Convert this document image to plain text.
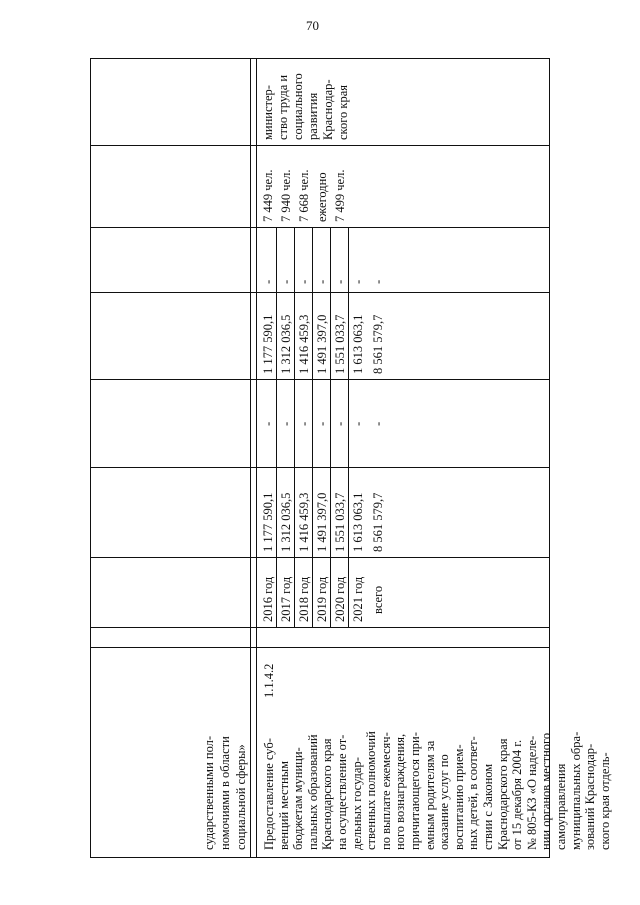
70
сударственными пол- номочиями в области социальной сферы»
1.1.4.2
Предоставление суб- венций местным бюджетам муници- пальных образований Краснодарского края на осуществление от- дельных государ- ственных полномочий по выплате ежемесяч- ного вознаграждения, причитающегося при- емным родителям за оказание услуг по воспитанию прием- ных детей, в соответ- ствии с Законом Краснодарского края от 15 декабря 2004 г. № 805-КЗ «О наделе- нии органов местного самоуправления муниципальных обра- зований Краснодар- ского края отдель-
2016 год
1 177 590,1
-
1 177 590,1
-
7 449 чел.
2017 год
1 312 036,5
-
1 312 036,5
-
7 940 чел.
2018 год
1 416 459,3
-
1 416 459,3
-
7 668 чел.
2019 год
1 491 397,0
-
1 491 397,0
-
ежегодно
2020 год
1 551 033,7
-
1 551 033,7
-
7 499 чел.
2021 год
1 613 063,1
-
1 613 063,1
-
всего
8 561 579,7
-
8 561 579,7
-
министер- ство труда и социального развития Краснодар- ского края
